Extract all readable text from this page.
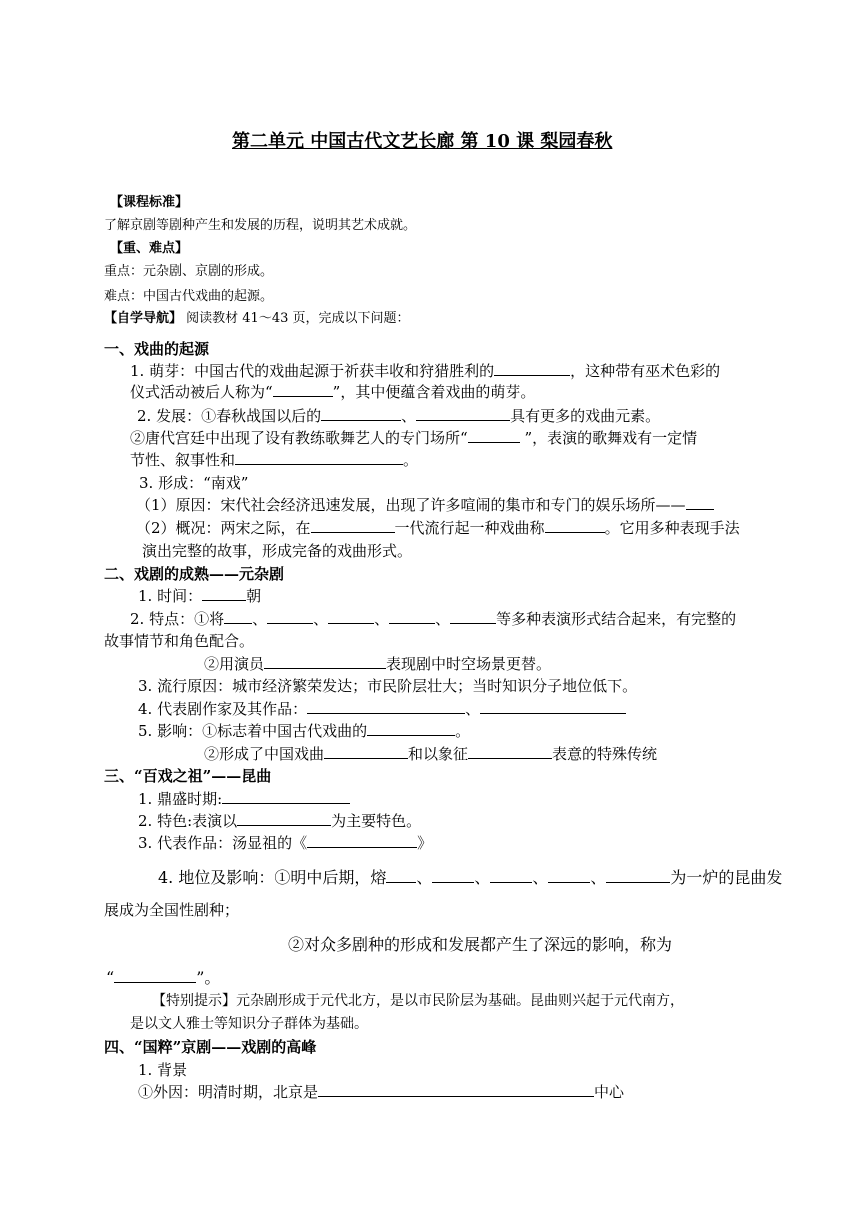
第二单元 中国古代文艺长廊 第 10 课 梨园春秋
【课程标准】
了解京剧等剧种产生和发展的历程，说明其艺术成就。
【重、难点】
重点：元杂剧、京剧的形成。
难点：中国古代戏曲的起源。
【自学导航】 阅读教材 41～43 页，完成以下问题：
一、戏曲的起源
1. 萌芽：中国古代的戏曲起源于祈获丰收和狩猎胜利的	，这种带有巫术色彩的
仪式活动被后人称为“	”，其中便蕴含着戏曲的萌芽。
2. 发展：①春秋战国以后的	、	具有更多的戏曲元素。
②唐代宫廷中出现了设有教练歌舞艺人的专门场所“	”，表演的歌舞戏有一定情
节性、叙事性和	。
3. 形成：“南戏”
（1）原因：宋代社会经济迅速发展，出现了许多喧闹的集市和专门的娱乐场所——
（2）概况：两宋之际，在	一代流行起一种戏曲称	。它用多种表现手法
演出完整的故事，形成完备的戏曲形式。
二、戏剧的成熟——元杂剧
1. 时间：	朝
2. 特点：①将 、	、	、	、	等多种表演形式结合起来，有完整的
故事情节和角色配合。
②用演员	表现剧中时空场景更替。
3. 流行原因：城市经济繁荣发达；市民阶层壮大；当时知识分子地位低下。
4. 代表剧作家及其作品：	、
5. 影响：①标志着中国古代戏曲的	。
②形成了中国戏曲	和以象征	表意的特殊传统
三、“百戏之祖”——昆曲
1. 鼎盛时期:
2. 特色:表演以	为主要特色。
3. 代表作品：汤显祖的《	》
4. 地位及影响：①明中后期，熔 、	、	、	、	为一炉的昆曲发
展成为全国性剧种；
②对众多剧种的形成和发展都产生了深远的影响，称为
“	”。
【特别提示】元杂剧形成于元代北方，是以市民阶层为基础。昆曲则兴起于元代南方，
是以文人雅士等知识分子群体为基础。
四、“国粹”京剧——戏剧的高峰
1. 背景
①外因：明清时期，北京是	中心
